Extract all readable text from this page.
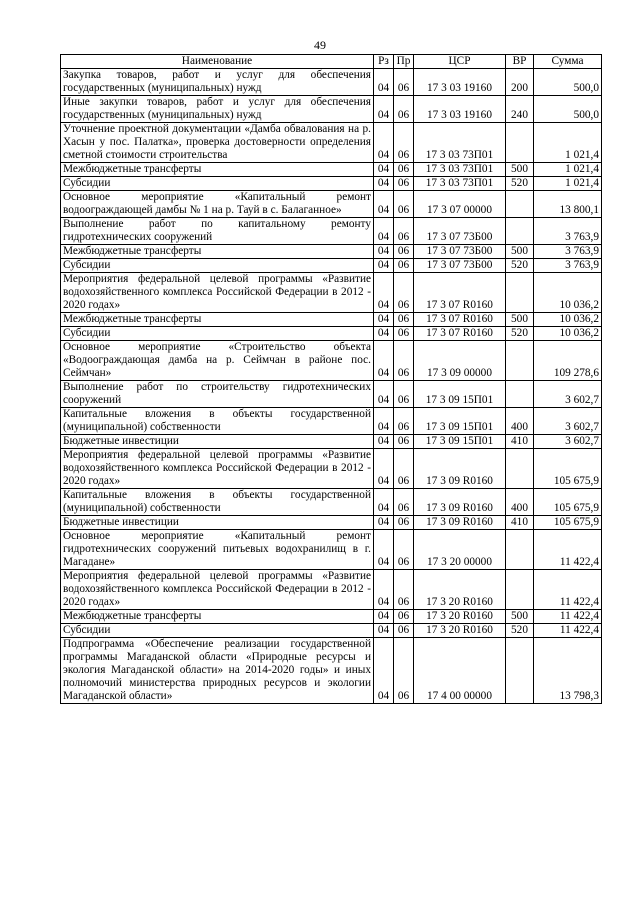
49
Наименование	Рз	Пр	ЦСР	ВР	Сумма
Закупка товаров, работ и услуг для обеспечения государственных (муниципальных) нужд	04	06	17 3 03 19160	200	500,0
Иные закупки товаров, работ и услуг для обеспечения государственных (муниципальных) нужд	04	06	17 3 03 19160	240	500,0
Уточнение проектной документации «Дамба обвалования на р. Хасын у пос. Палатка», проверка достоверности определения сметной стоимости строительства	04	06	17 3 03 73П01		1 021,4
Межбюджетные трансферты	04	06	17 3 03 73П01	500	1 021,4
Субсидии	04	06	17 3 03 73П01	520	1 021,4
Основное мероприятие «Капитальный ремонт водоограждающей дамбы № 1 на р. Тауй в с. Балаганное»	04	06	17 3 07 00000		13 800,1
Выполнение работ по капитальному ремонту гидротехнических сооружений	04	06	17 3 07 73Б00		3 763,9
Межбюджетные трансферты	04	06	17 3 07 73Б00	500	3 763,9
Субсидии	04	06	17 3 07 73Б00	520	3 763,9
Мероприятия федеральной целевой программы «Развитие водохозяйственного комплекса Российской Федерации в 2012 - 2020 годах»	04	06	17 3 07 R0160		10 036,2
Межбюджетные трансферты	04	06	17 3 07 R0160	500	10 036,2
Субсидии	04	06	17 3 07 R0160	520	10 036,2
Основное мероприятие «Строительство объекта «Водоограждающая дамба на р. Сеймчан в районе пос. Сеймчан»	04	06	17 3 09 00000		109 278,6
Выполнение работ по строительству гидротехнических сооружений	04	06	17 3 09 15П01		3 602,7
Капитальные вложения в объекты государственной (муниципальной) собственности	04	06	17 3 09 15П01	400	3 602,7
Бюджетные инвестиции	04	06	17 3 09 15П01	410	3 602,7
Мероприятия федеральной целевой программы «Развитие водохозяйственного комплекса Российской Федерации в 2012 - 2020 годах»	04	06	17 3 09 R0160		105 675,9
Капитальные вложения в объекты государственной (муниципальной) собственности	04	06	17 3 09 R0160	400	105 675,9
Бюджетные инвестиции	04	06	17 3 09 R0160	410	105 675,9
Основное мероприятие «Капитальный ремонт гидротехнических сооружений питьевых водохранилищ в г. Магадане»	04	06	17 3 20 00000		11 422,4
Мероприятия федеральной целевой программы «Развитие водохозяйственного комплекса Российской Федерации в 2012 - 2020 годах»	04	06	17 3 20 R0160		11 422,4
Межбюджетные трансферты	04	06	17 3 20 R0160	500	11 422,4
Субсидии	04	06	17 3 20 R0160	520	11 422,4
Подпрограмма «Обеспечение реализации государственной программы Магаданской области «Природные ресурсы и экология Магаданской области» на 2014-2020 годы» и иных полномочий министерства природных ресурсов и экологии Магаданской области»	04	06	17 4 00 00000		13 798,3
